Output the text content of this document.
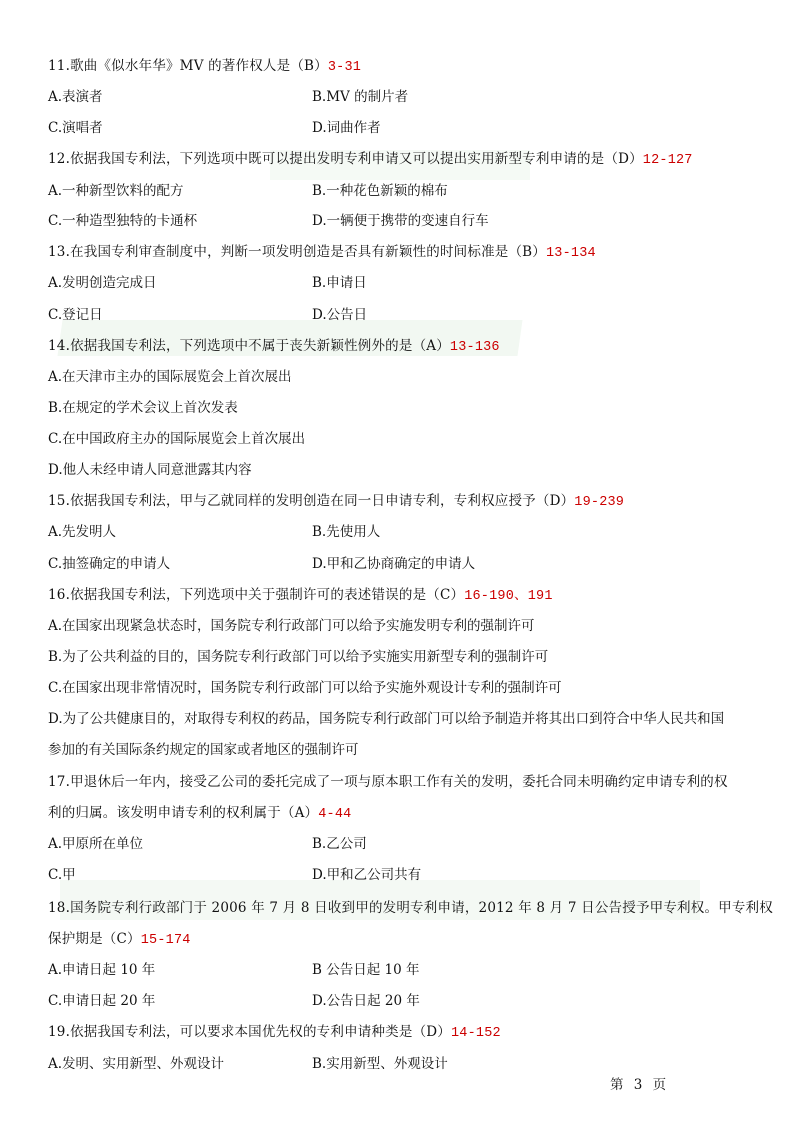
11.歌曲《似水年华》MV 的著作权人是（B）3-31
A.表演者	B.MV 的制片者
C.演唱者	D.词曲作者
12.依据我国专利法，下列选项中既可以提出发明专利申请又可以提出实用新型专利申请的是（D）12-127
A.一种新型饮料的配方	B.一种花色新颖的棉布
C.一种造型独特的卡通杯	D.一辆便于携带的变速自行车
13.在我国专利审查制度中，判断一项发明创造是否具有新颖性的时间标准是（B）13-134
A.发明创造完成日	B.申请日
C.登记日	D.公告日
14.依据我国专利法，下列选项中不属于丧失新颖性例外的是（A）13-136
A.在天津市主办的国际展览会上首次展出
B.在规定的学术会议上首次发表
C.在中国政府主办的国际展览会上首次展出
D.他人未经申请人同意泄露其内容
15.依据我国专利法，甲与乙就同样的发明创造在同一日申请专利，专利权应授予（D）19-239
A.先发明人	B.先使用人
C.抽签确定的申请人	D.甲和乙协商确定的申请人
16.依据我国专利法，下列选项中关于强制许可的表述错误的是（C）16-190、191
A.在国家出现紧急状态时，国务院专利行政部门可以给予实施发明专利的强制许可
B.为了公共利益的目的，国务院专利行政部门可以给予实施实用新型专利的强制许可
C.在国家出现非常情况时，国务院专利行政部门可以给予实施外观设计专利的强制许可
D.为了公共健康目的，对取得专利权的药品，国务院专利行政部门可以给予制造并将其出口到符合中华人民共和国
参加的有关国际条约规定的国家或者地区的强制许可
17.甲退休后一年内，接受乙公司的委托完成了一项与原本职工作有关的发明，委托合同未明确约定申请专利的权
利的归属。该发明申请专利的权利属于（A）4-44
A.甲原所在单位	B.乙公司
C.甲	D.甲和乙公司共有
18.国务院专利行政部门于 2006 年 7 月 8 日收到甲的发明专利申请，2012 年 8 月 7 日公告授予甲专利权。甲专利权
保护期是（C）15-174
A.申请日起 10 年	B 公告日起 10 年
C.申请日起 20 年	D.公告日起 20 年
19.依据我国专利法，可以要求本国优先权的专利申请种类是（D）14-152
A.发明、实用新型、外观设计	B.实用新型、外观设计
第 3 页
